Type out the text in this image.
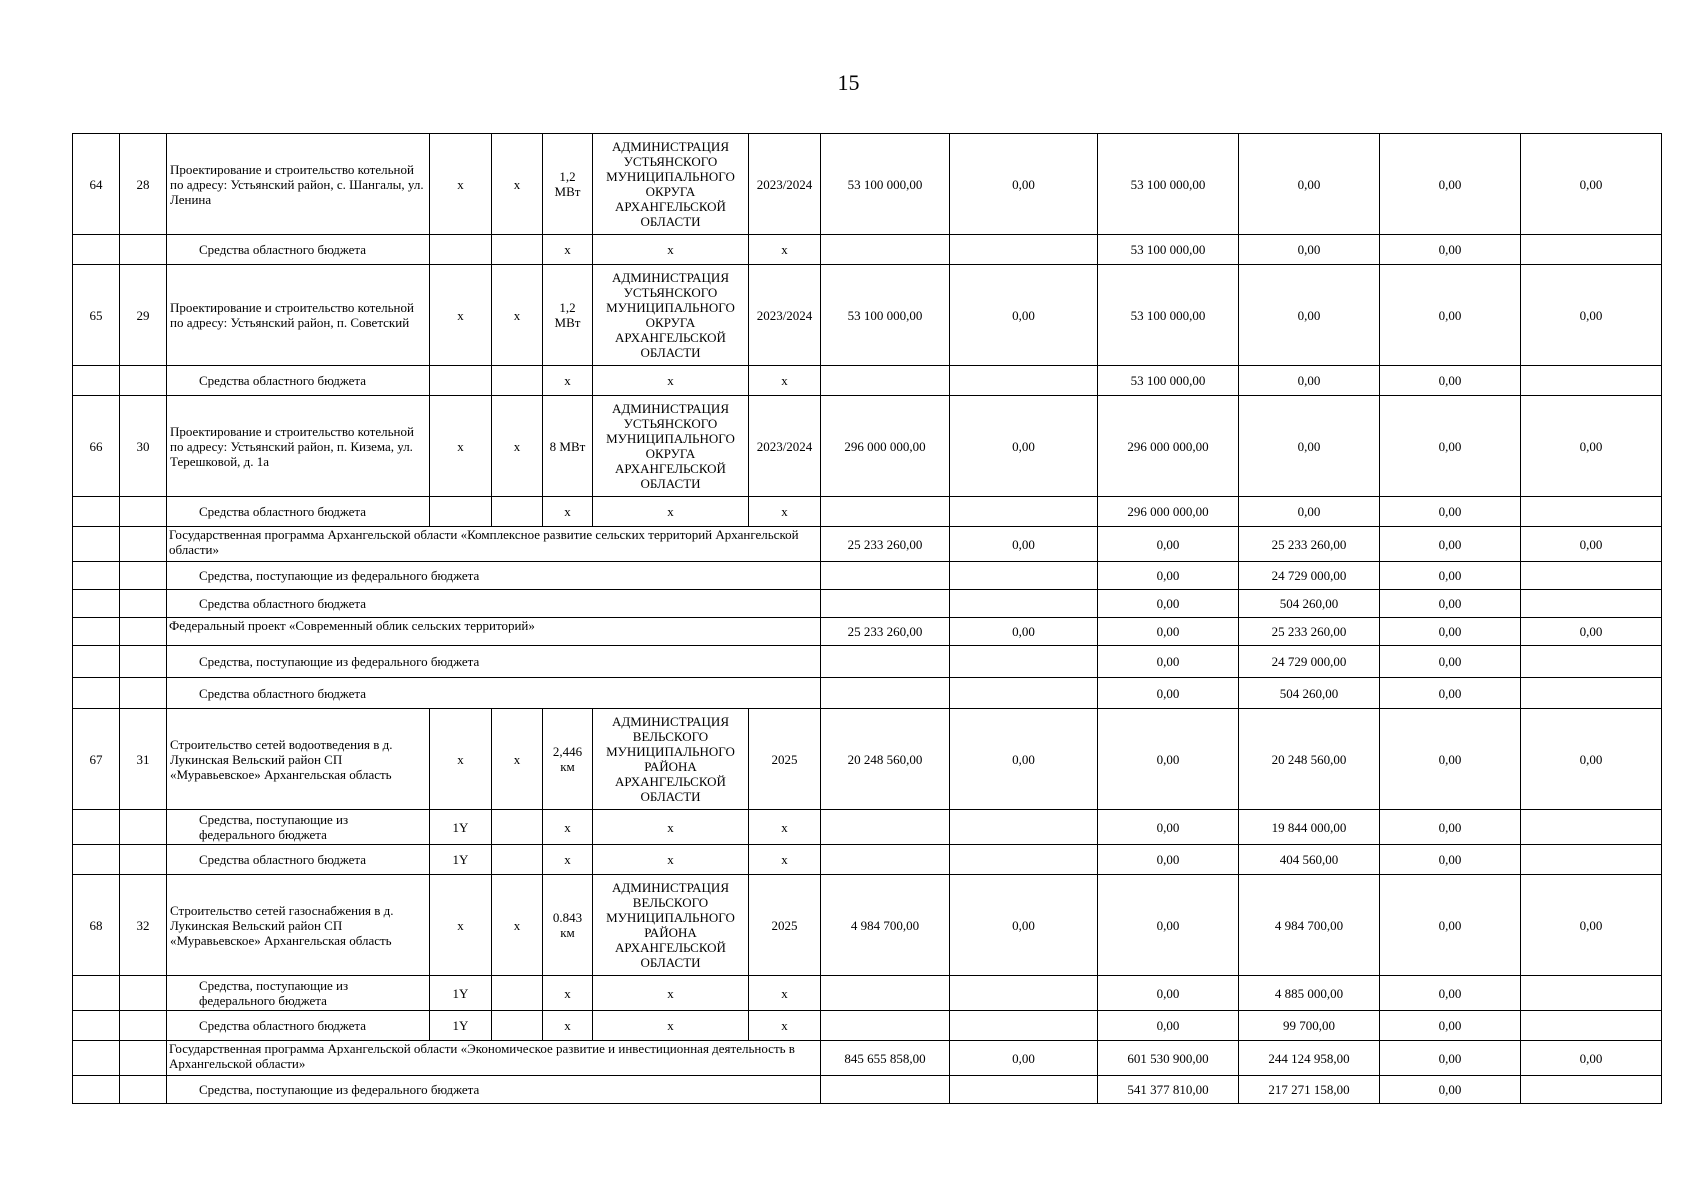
15
64	28	Проектирование и строительство котельной по адресу: Устьянский район, с. Шангалы, ул. Ленина	x	x	1,2 МВт	АДМИНИСТРАЦИЯ УСТЬЯНСКОГО МУНИЦИПАЛЬНОГО ОКРУГА АРХАНГЕЛЬСКОЙ ОБЛАСТИ	2023/2024	53 100 000,00	0,00	53 100 000,00	0,00	0,00	0,00
		Средства областного бюджета			x	x	x			53 100 000,00	0,00	0,00	
65	29	Проектирование и строительство котельной по адресу: Устьянский район, п. Советский	x	x	1,2 МВт	АДМИНИСТРАЦИЯ УСТЬЯНСКОГО МУНИЦИПАЛЬНОГО ОКРУГА АРХАНГЕЛЬСКОЙ ОБЛАСТИ	2023/2024	53 100 000,00	0,00	53 100 000,00	0,00	0,00	0,00
		Средства областного бюджета			x	x	x			53 100 000,00	0,00	0,00	
66	30	Проектирование и строительство котельной по адресу: Устьянский район, п. Кизема, ул. Терешковой, д. 1а	x	x	8 МВт	АДМИНИСТРАЦИЯ УСТЬЯНСКОГО МУНИЦИПАЛЬНОГО ОКРУГА АРХАНГЕЛЬСКОЙ ОБЛАСТИ	2023/2024	296 000 000,00	0,00	296 000 000,00	0,00	0,00	0,00
		Средства областного бюджета			x	x	x			296 000 000,00	0,00	0,00	
		Государственная программа Архангельской области «Комплексное развитие сельских территорий Архангельской области»						25 233 260,00	0,00	0,00	25 233 260,00	0,00	0,00
		Средства, поступающие из федерального бюджета								0,00	24 729 000,00	0,00	
		Средства областного бюджета								0,00	504 260,00	0,00	
		Федеральный проект «Современный облик сельских территорий»						25 233 260,00	0,00	0,00	25 233 260,00	0,00	0,00
		Средства, поступающие из федерального бюджета								0,00	24 729 000,00	0,00	
		Средства областного бюджета								0,00	504 260,00	0,00	
67	31	Строительство сетей водоотведения в д. Лукинская Вельский район СП «Муравьевское» Архангельская область	x	x	2,446 км	АДМИНИСТРАЦИЯ ВЕЛЬСКОГО МУНИЦИПАЛЬНОГО РАЙОНА АРХАНГЕЛЬСКОЙ ОБЛАСТИ	2025	20 248 560,00	0,00	0,00	20 248 560,00	0,00	0,00
		Средства, поступающие из федерального бюджета	1Y		x	x	x			0,00	19 844 000,00	0,00	
		Средства областного бюджета	1Y		x	x	x			0,00	404 560,00	0,00	
68	32	Строительство сетей газоснабжения в д. Лукинская Вельский район СП «Муравьевское» Архангельская область	x	x	0.843 км	АДМИНИСТРАЦИЯ ВЕЛЬСКОГО МУНИЦИПАЛЬНОГО РАЙОНА АРХАНГЕЛЬСКОЙ ОБЛАСТИ	2025	4 984 700,00	0,00	0,00	4 984 700,00	0,00	0,00
		Средства, поступающие из федерального бюджета	1Y		x	x	x			0,00	4 885 000,00	0,00	
		Средства областного бюджета	1Y		x	x	x			0,00	99 700,00	0,00	
		Государственная программа Архангельской области «Экономическое развитие и инвестиционная деятельность в Архангельской области»						845 655 858,00	0,00	601 530 900,00	244 124 958,00	0,00	0,00
		Средства, поступающие из федерального бюджета								541 377 810,00	217 271 158,00	0,00	
